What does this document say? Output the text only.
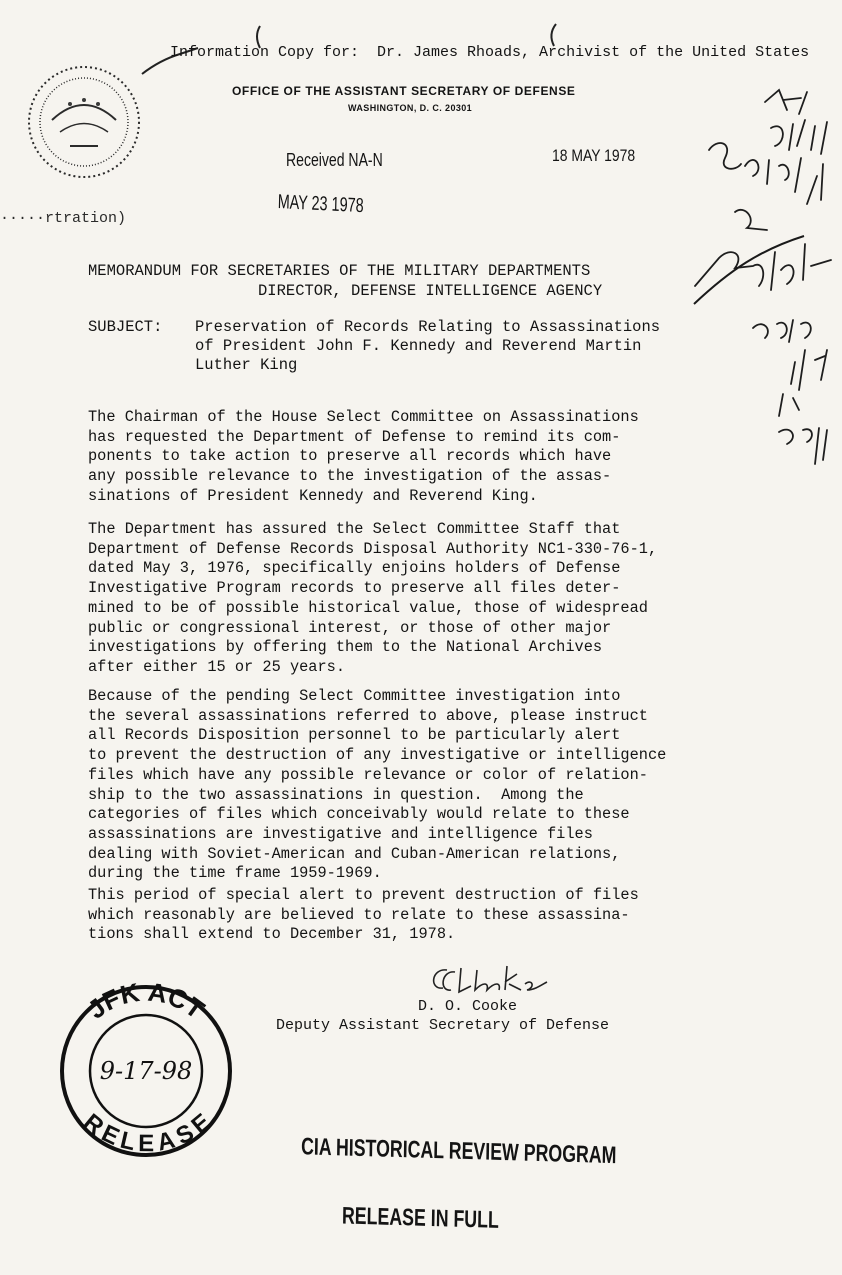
Information Copy for:  Dr. James Rhoads, Archivist of the United States
OFFICE OF THE ASSISTANT SECRETARY OF DEFENSE
WASHINGTON, D. C. 20301
Received NA-N
MAY 23 1978
18 MAY 1978
·····rtration)
MEMORANDUM FOR SECRETARIES OF THE MILITARY DEPARTMENTS
DIRECTOR, DEFENSE INTELLIGENCE AGENCY
SUBJECT: Preservation of Records Relating to Assassinations
of President John F. Kennedy and Reverend Martin
Luther King
The Chairman of the House Select Committee on Assassinations
has requested the Department of Defense to remind its com-
ponents to take action to preserve all records which have
any possible relevance to the investigation of the assas-
sinations of President Kennedy and Reverend King.
The Department has assured the Select Committee Staff that
Department of Defense Records Disposal Authority NC1-330-76-1,
dated May 3, 1976, specifically enjoins holders of Defense
Investigative Program records to preserve all files deter-
mined to be of possible historical value, those of widespread
public or congressional interest, or those of other major
investigations by offering them to the National Archives
after either 15 or 25 years.
Because of the pending Select Committee investigation into
the several assassinations referred to above, please instruct
all Records Disposition personnel to be particularly alert
to prevent the destruction of any investigative or intelligence
files which have any possible relevance or color of relation-
ship to the two assassinations in question.  Among the
categories of files which conceivably would relate to these
assassinations are investigative and intelligence files
dealing with Soviet-American and Cuban-American relations,
during the time frame 1959-1969.
This period of special alert to prevent destruction of files
which reasonably are believed to relate to these assassina-
tions shall extend to December 31, 1978.
D. O. Cooke
Deputy Assistant Secretary of Defense
JFK ACT
RELEASE
9-17-98

CIA HISTORICAL REVIEW PROGRAM

RELEASE IN FULL
